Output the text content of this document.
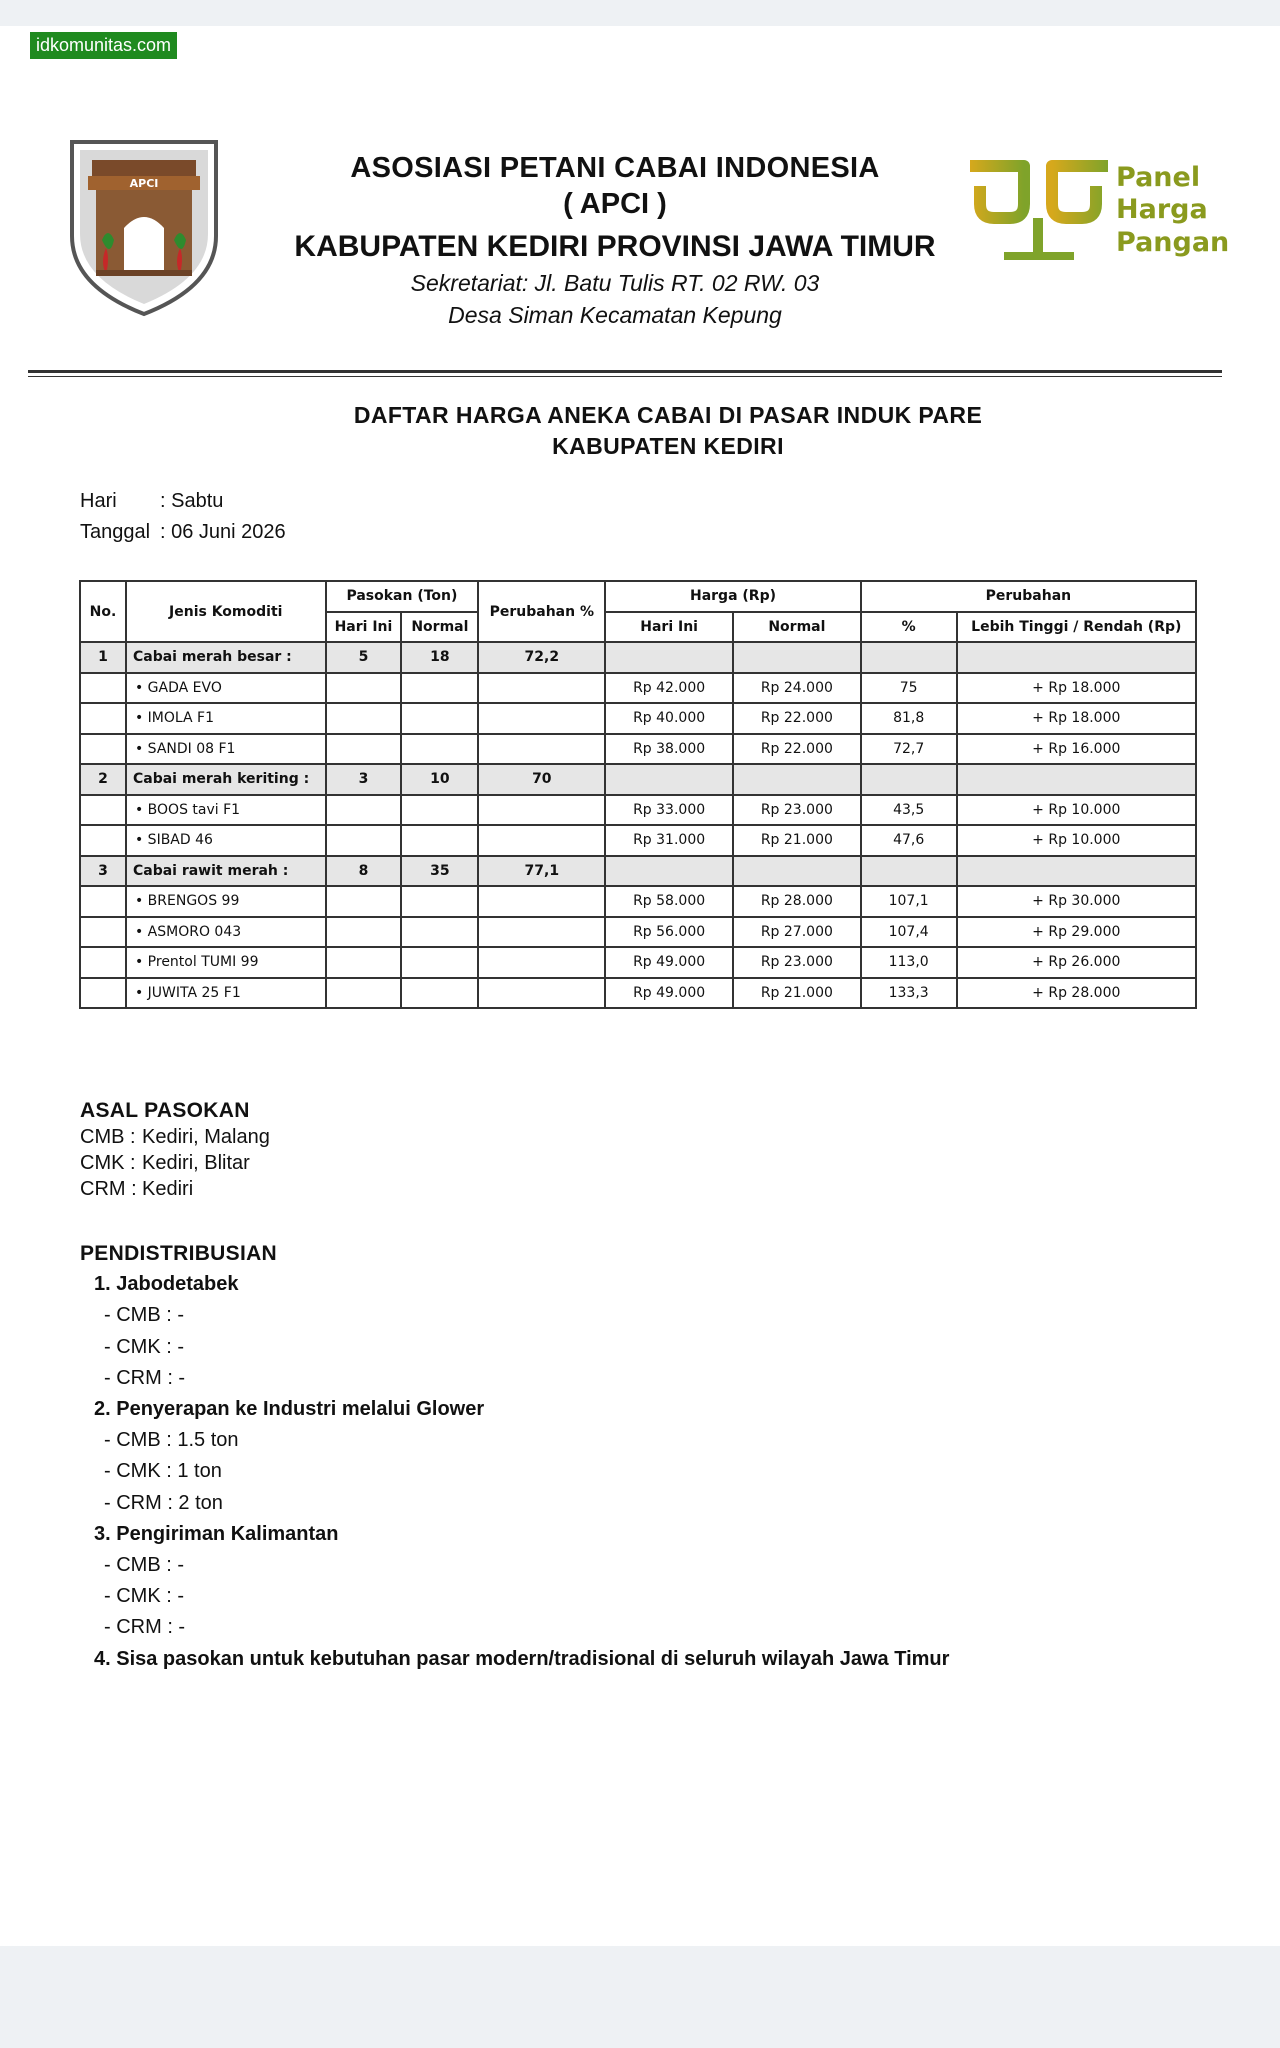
idkomunitas.com
APCI	ASOSIASI PETANI CABAI INDONESIA
( APCI )
KABUPATEN KEDIRI PROVINSI JAWA TIMUR
Sekretariat: Jl. Batu Tulis RT. 02 RW. 03
Desa Siman Kecamatan Kepung
Panel
Harga
Pangan
DAFTAR HARGA ANEKA CABAI DI PASAR INDUK PARE
KABUPATEN KEDIRI
Hari : Sabtu
Tanggal : 06 Juni 2026
No.	Jenis Komoditi	Pasokan (Ton)		Perubahan %	Harga (Rp)		Perubahan	
		Hari Ini	Normal		Hari Ini	Normal	%	Lebih Tinggi / Rendah (Rp)
1	Cabai merah besar :	5	18	72,2				
	• GADA EVO				Rp 42.000	Rp 24.000	75	+ Rp 18.000
	• IMOLA F1				Rp 40.000	Rp 22.000	81,8	+ Rp 18.000
	• SANDI 08 F1				Rp 38.000	Rp 22.000	72,7	+ Rp 16.000
2	Cabai merah keriting :	3	10	70				
	• BOOS tavi F1				Rp 33.000	Rp 23.000	43,5	+ Rp 10.000
	• SIBAD 46				Rp 31.000	Rp 21.000	47,6	+ Rp 10.000
3	Cabai rawit merah :	8	35	77,1				
	• BRENGOS 99				Rp 58.000	Rp 28.000	107,1	+ Rp 30.000
	• ASMORO 043				Rp 56.000	Rp 27.000	107,4	+ Rp 29.000
	• Prentol TUMI 99				Rp 49.000	Rp 23.000	113,0	+ Rp 26.000
	• JUWITA 25 F1				Rp 49.000	Rp 21.000	133,3	+ Rp 28.000
ASAL PASOKAN
CMB : Kediri, Malang
CMK : Kediri, Blitar
CRM : Kediri
PENDISTRIBUSIAN
1. Jabodetabek
- CMB : -
- CMK : -
- CRM : -
2. Penyerapan ke Industri melalui Glower
- CMB : 1.5 ton
- CMK : 1 ton
- CRM : 2 ton
3. Pengiriman Kalimantan
- CMB : -
- CMK : -
- CRM : -
4. Sisa pasokan untuk kebutuhan pasar modern/tradisional di seluruh wilayah Jawa Timur
